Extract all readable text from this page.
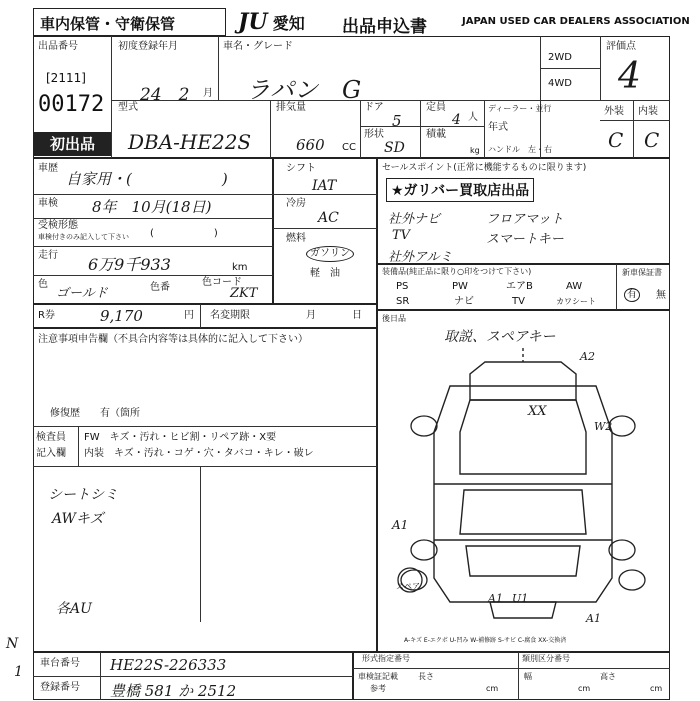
車内保管・守衛保管	JU 愛知 出品申込書	JAPAN USED CAR DEALERS ASSOCIATION
出品番号
[2111]
00172
初出品
初度登録年月
24　2 月
車名・グレード
ラパン　G
2WD
4WD
評価点
4
外装 内装
C C
型式
DBA-HE22S
排気量
660 CC
ドア
5
形状
SD
定員
4 人
積載
kg
ディーラー・並行
年式
ハンドル　左・右
車歴
自家用・(　　　　　　)
車検 8年　10月(18日)
受検形態
車検付きのみ記入して下さい (　　　　　　)
走行 6万9千933	km
色
ゴールド	色番	色コード
ZKT
シフト
IAT
冷房
AC
燃料
ガソリン
軽　油
R券	9,170	円 名変期限	月	日
セールスポイント(正常に機能するものに限ります)
★ガリバー買取店出品
社外ナビ	フロアマット
TV	スマートキー
社外アルミ
装備品(純正品に限り○印をつけて下さい)
PS	PW	エアB	AW
SR	ナビ	TV	カワシート
新車保証書
有	無
注意事項申告欄（不具合内容等は具体的に記入して下さい）
修復歴　　有（箇所
検査員
記入欄
FW　キズ・汚れ・ヒビ割・リペア跡・X要
内装　キズ・汚れ・コゲ・穴・タバコ・キレ・破レ
シートシミ
AWキズ
各AU
後日品
取説、スペアキー
A2
XX
W2
A1
スペア
A1 U1
A1
A-キズ E-エクボ U-凹み W-補修跡 S-サビ C-腐食 XX-交換済
N
1
車台番号 HE22S-226333
登録番号 豊橋 581 か 2512
形式指定番号	類別区分番号
車検証記載
参考
長さ
cm
幅
cm
高さ
cm
